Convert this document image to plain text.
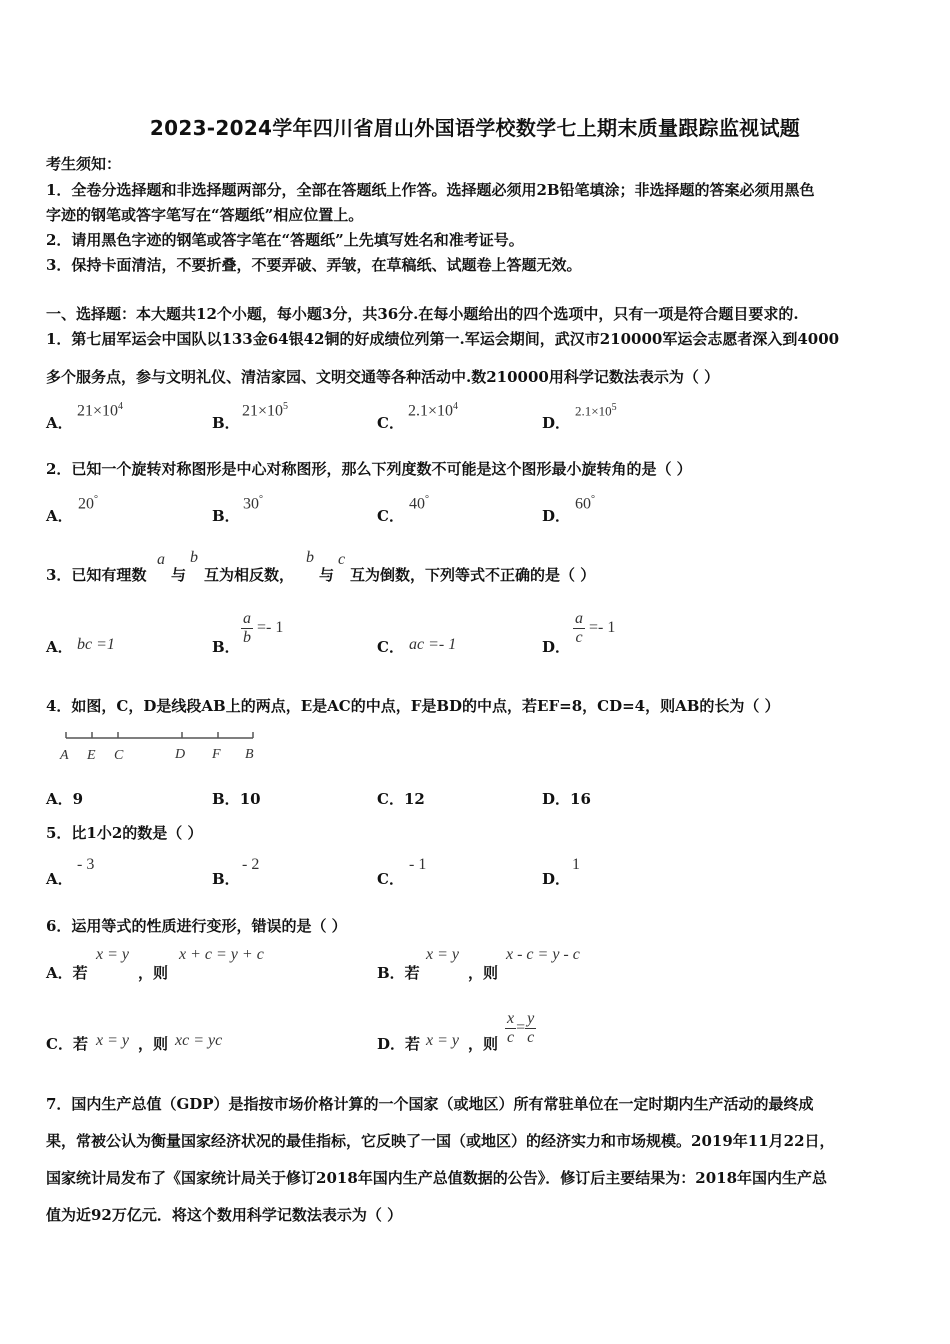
2023-2024学年四川省眉山外国语学校数学七上期末质量跟踪监视试题
考生须知：
1．全卷分选择题和非选择题两部分，全部在答题纸上作答。选择题必须用2B铅笔填涂；非选择题的答案必须用黑色
字迹的钢笔或答字笔写在“答题纸”相应位置上。
2．请用黑色字迹的钢笔或答字笔在“答题纸”上先填写姓名和准考证号。
3．保持卡面清洁，不要折叠，不要弄破、弄皱，在草稿纸、试题卷上答题无效。
一、选择题：本大题共12个小题，每小题3分，共36分.在每小题给出的四个选项中，只有一项是符合题目要求的.
1．第七届军运会中国队以133金64银42铜的好成绩位列第一.军运会期间，武汉市210000军运会志愿者深入到4000
多个服务点，参与文明礼仪、清洁家园、文明交通等各种活动中.数210000用科学记数法表示为（ ）
A．
$21\times 10^4$
B．
$21\times 10^5$
C．
$2.1\times 10^4$
D．
$2.1\times 10^5$
2．已知一个旋转对称图形是中心对称图形，那么下列度数不可能是这个图形最小旋转角的是（ ）
A．
20°
B．
30°
C．
40°
D．
60°
3．已知有理数
a
与
b
互为相反数，
b
与
c
互为倒数，下列等式不正确的是（ ）
A． bc =1	B．
$\frac{a}{b} =- 1$
C． ac =- 1	D．
$\frac{a}{c} =- 1$
4．如图，C，D是线段AB上的两点，E是AC的中点，F是BD的中点，若EF=8，CD=4，则AB的长为（ ）
A E C	D F B
A．9	B．10	C．12	D．16
5．比1小2的数是（ ）
A．
- 3
B．
- 2
C．
- 1
D．
1
6．运用等式的性质进行变形，错误的是（ ）
A．若
x = y
，则
x + c = y + c
B．若
x = y
，则
x - c = y - c
C．若 x = y ，则 xc = yc	D．若 x = y ，则 $\frac{x}{c} = \frac{y}{c}$
7．国内生产总值（GDP）是指按市场价格计算的一个国家（或地区）所有常驻单位在一定时期内生产活动的最终成
果，常被公认为衡量国家经济状况的最佳指标，它反映了一国（或地区）的经济实力和市场规模。2019年11月22日，
国家统计局发布了《国家统计局关于修订2018年国内生产总值数据的公告》．修订后主要结果为：2018年国内生产总
值为近92万亿元．将这个数用科学记数法表示为（ ）
